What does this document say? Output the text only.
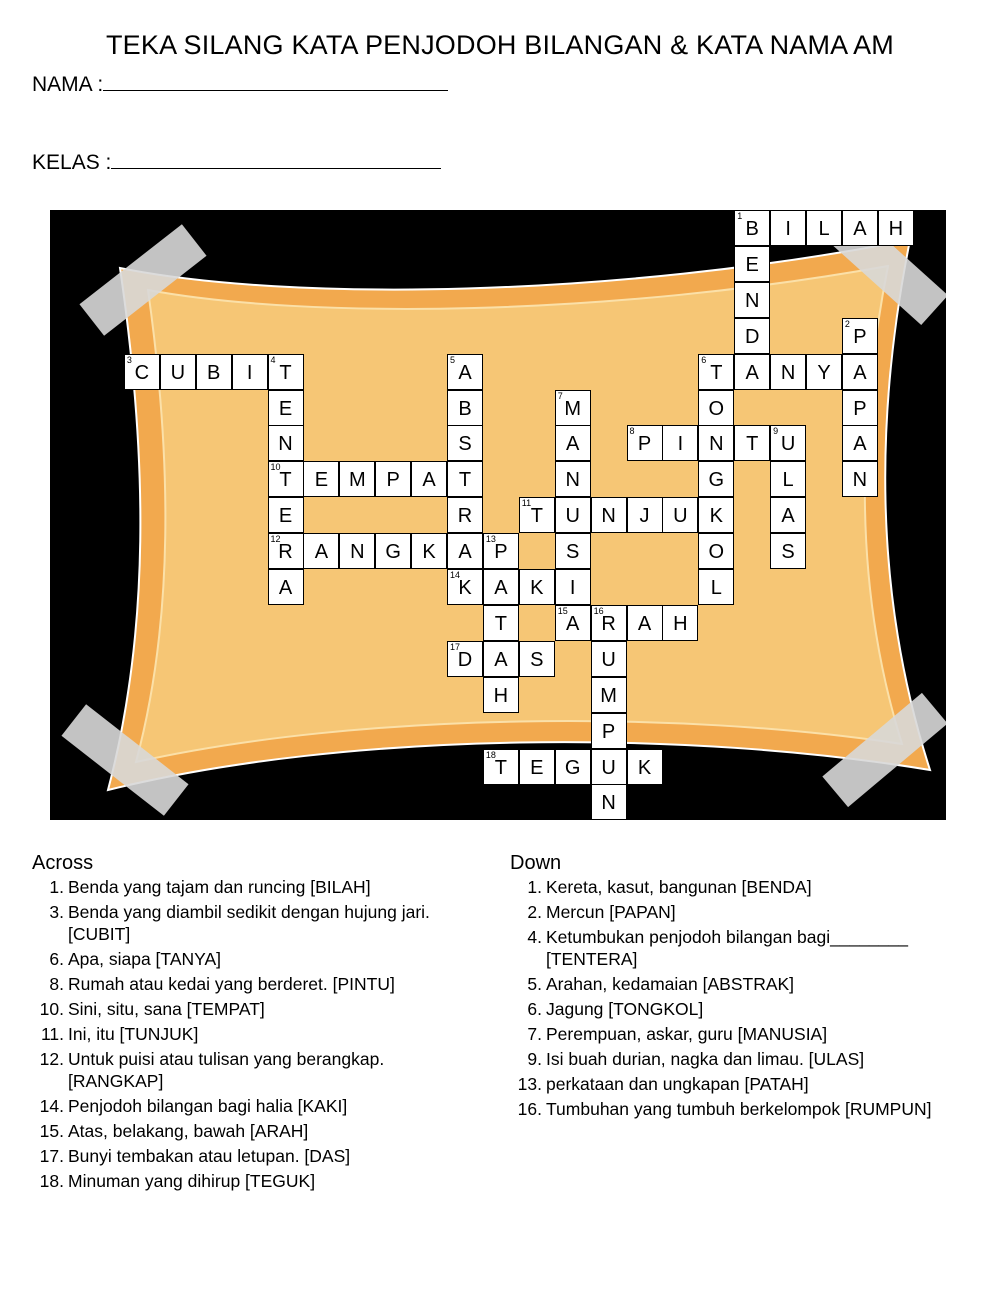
TEKA SILANG KATA PENJODOH BILANGAN & KATA NAMA AM
NAMA :
KELAS :
1
B	I	L	A	H
E
N
D
A
2
P
A
P
A
N
3
C	U	B	I
4
T
E
N
10
T
E
12
R
A
5
A
B
S
T
R
A
14
K
6
T	N	Y
O
N
G
K
O
L
7
M
A
N
U
S
I
15
A
8
P	I	T
9
U
L
A
S
E	M	P	A
11
T	N	J	U
A	N	G	K
13
P
A
T
A
H
K
16
R	A	H
U
M
P
U
N
17
D	S
18
T	E	G	K
Across
1. Benda yang tajam dan runcing [BILAH]
3. Benda yang diambil sedikit dengan hujung jari. [CUBIT]
6. Apa, siapa [TANYA]
8. Rumah atau kedai yang berderet. [PINTU]
10. Sini, situ, sana [TEMPAT]
11. Ini, itu [TUNJUK]
12. Untuk puisi atau tulisan yang berangkap. [RANGKAP]
14. Penjodoh bilangan bagi halia [KAKI]
15. Atas, belakang, bawah [ARAH]
17. Bunyi tembakan atau letupan. [DAS]
18. Minuman yang dihirup [TEGUK]
Down
1. Kereta, kasut, bangunan [BENDA]
2. Mercun [PAPAN]
4. Ketumbukan penjodoh bilangan bagi________ [TENTERA]
5. Arahan, kedamaian [ABSTRAK]
6. Jagung [TONGKOL]
7. Perempuan, askar, guru [MANUSIA]
9. Isi buah durian, nagka dan limau. [ULAS]
13. perkataan dan ungkapan [PATAH]
16. Tumbuhan yang tumbuh berkelompok [RUMPUN]
